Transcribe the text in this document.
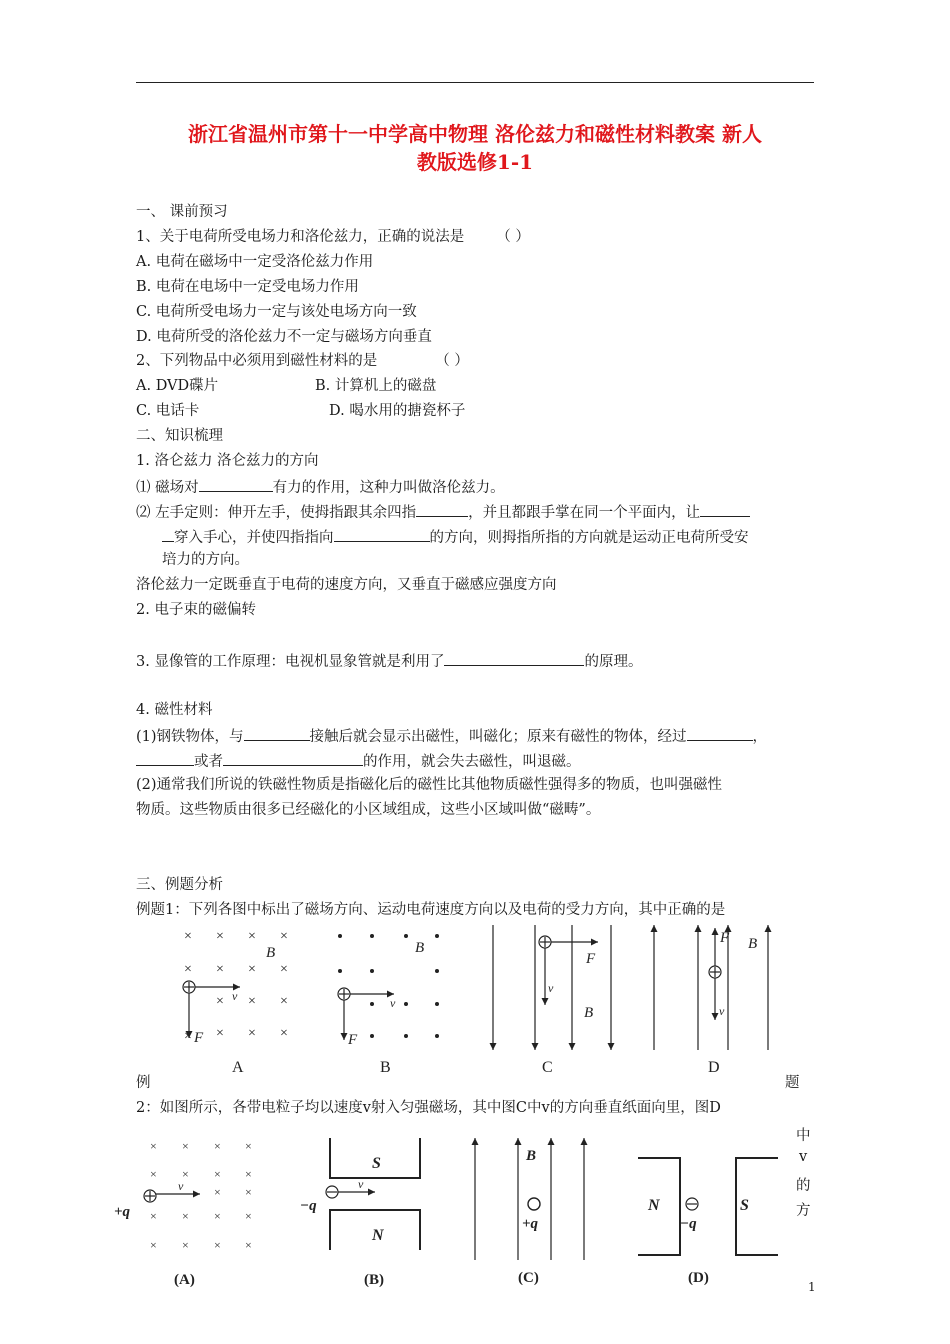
浙江省温州市第十一中学高中物理 洛伦兹力和磁性材料教案 新人
教版选修1-1
一、 课前预习
1、关于电荷所受电场力和洛伦兹力，正确的说法是 （ ）
A. 电荷在磁场中一定受洛伦兹力作用
B. 电荷在电场中一定受电场力作用
C. 电荷所受电场力一定与该处电场方向一致
D. 电荷所受的洛伦兹力不一定与磁场方向垂直
2、下列物品中必须用到磁性材料的是	（ ）
A. DVD碟片	B. 计算机上的磁盘
C. 电话卡	D. 喝水用的搪瓷杯子
二、知识梳理
1. 洛仑兹力 洛仑兹力的方向
⑴ 磁场对	有力的作用，这种力叫做洛伦兹力。
⑵ 左手定则：伸开左手，使拇指跟其余四指	，并且都跟手掌在同一个平面内，让
穿入手心，并使四指指向	的方向，则拇指所指的方向就是运动正电荷所受安
培力的方向。
洛伦兹力一定既垂直于电荷的速度方向，又垂直于磁感应强度方向
2. 电子束的磁偏转
3. 显像管的工作原理：电视机显象管就是利用了	的原理。
4. 磁性材料
(1)钢铁物体，与	接触后就会显示出磁性，叫磁化；原来有磁性的物体，经过	，
或者	的作用，就会失去磁性，叫退磁。
(2)通常我们所说的铁磁性物质是指磁化后的磁性比其他物质磁性强得多的物质，也叫强磁性
物质。这些物质由很多已经磁化的小区域组成，这些小区域叫做“磁畴”。
三、例题分析
例题1：下列各图中标出了磁场方向、运动电荷速度方向以及电荷的受力方向，其中正确的是
× × × ×
× × × ×
× × ×
× × ×
×
B
v
F
B
v
F
F
v
B
F B
v
A	B	C	D
例	题
2：如图所示，各带电粒子均以速度v射入匀强磁场，其中图C中v的方向垂直纸面向里，图D
中
v
的
方
× × × ×
× × × ×
× ×
× × × ×
× × × ×
v
+q
S
N
v
−q
B
+q
N	S
−q
(A)	(B)	(C)	(D)
1
